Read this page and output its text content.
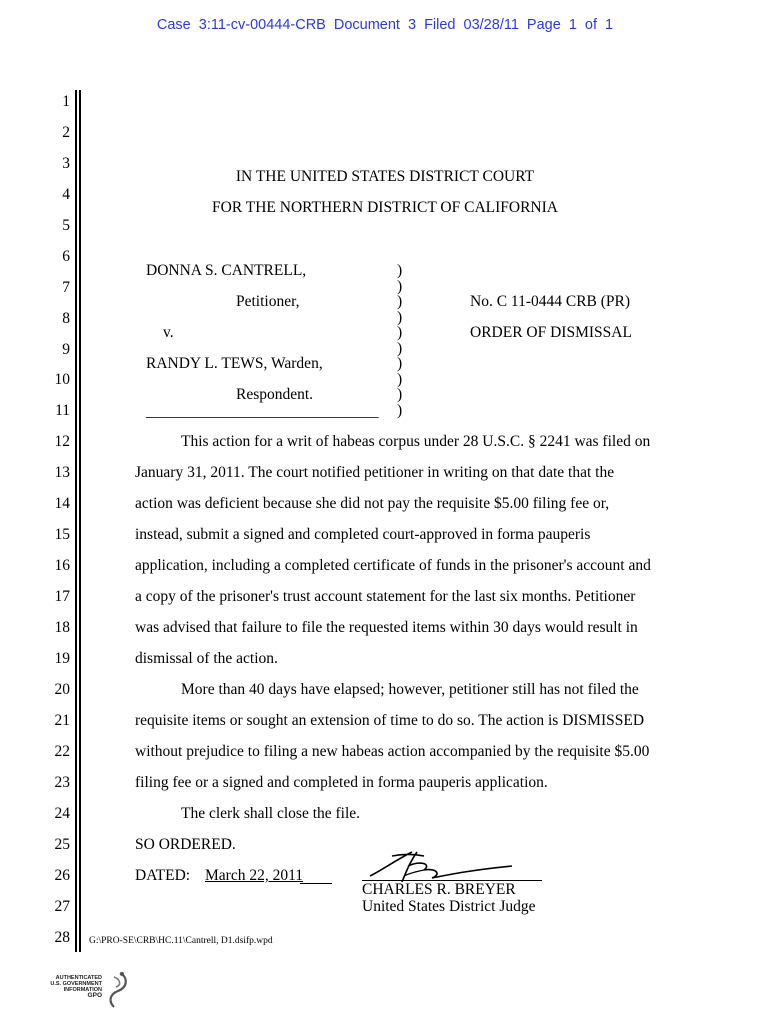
Case 3:11-cv-00444-CRB Document 3 Filed 03/28/11 Page 1 of 1
1
2
3
4
5
6
7
8
9
10
11
12
13
14
15
16
17
18
19
20
21
22
23
24
25
26
27
28
IN THE UNITED STATES DISTRICT COURT
FOR THE NORTHERN DISTRICT OF CALIFORNIA
DONNA S. CANTRELL,
Petitioner,
v.
RANDY L. TEWS, Warden,
Respondent.
______________________________
)
)
)
)
)
)
)
)
)
)
No. C 11-0444 CRB (PR)
ORDER OF DISMISSAL
This action for a writ of habeas corpus under 28 U.S.C. § 2241 was filed on
January 31, 2011. The court notified petitioner in writing on that date that the
action was deficient because she did not pay the requisite $5.00 filing fee or,
instead, submit a signed and completed court-approved in forma pauperis
application, including a completed certificate of funds in the prisoner's account and
a copy of the prisoner's trust account statement for the last six months. Petitioner
was advised that failure to file the requested items within 30 days would result in
dismissal of the action.
More than 40 days have elapsed; however, petitioner still has not filed the
requisite items or sought an extension of time to do so. The action is DISMISSED
without prejudice to filing a new habeas action accompanied by the requisite $5.00
filing fee or a signed and completed in forma pauperis application.
The clerk shall close the file.
SO ORDERED.
DATED: March 22, 2011
CHARLES R. BREYER
United States District Judge
G:\PRO-SE\CRB\HC.11\Cantrell, D1.dsifp.wpd
AUTHENTICATED
U.S. GOVERNMENT
INFORMATION
GPO
